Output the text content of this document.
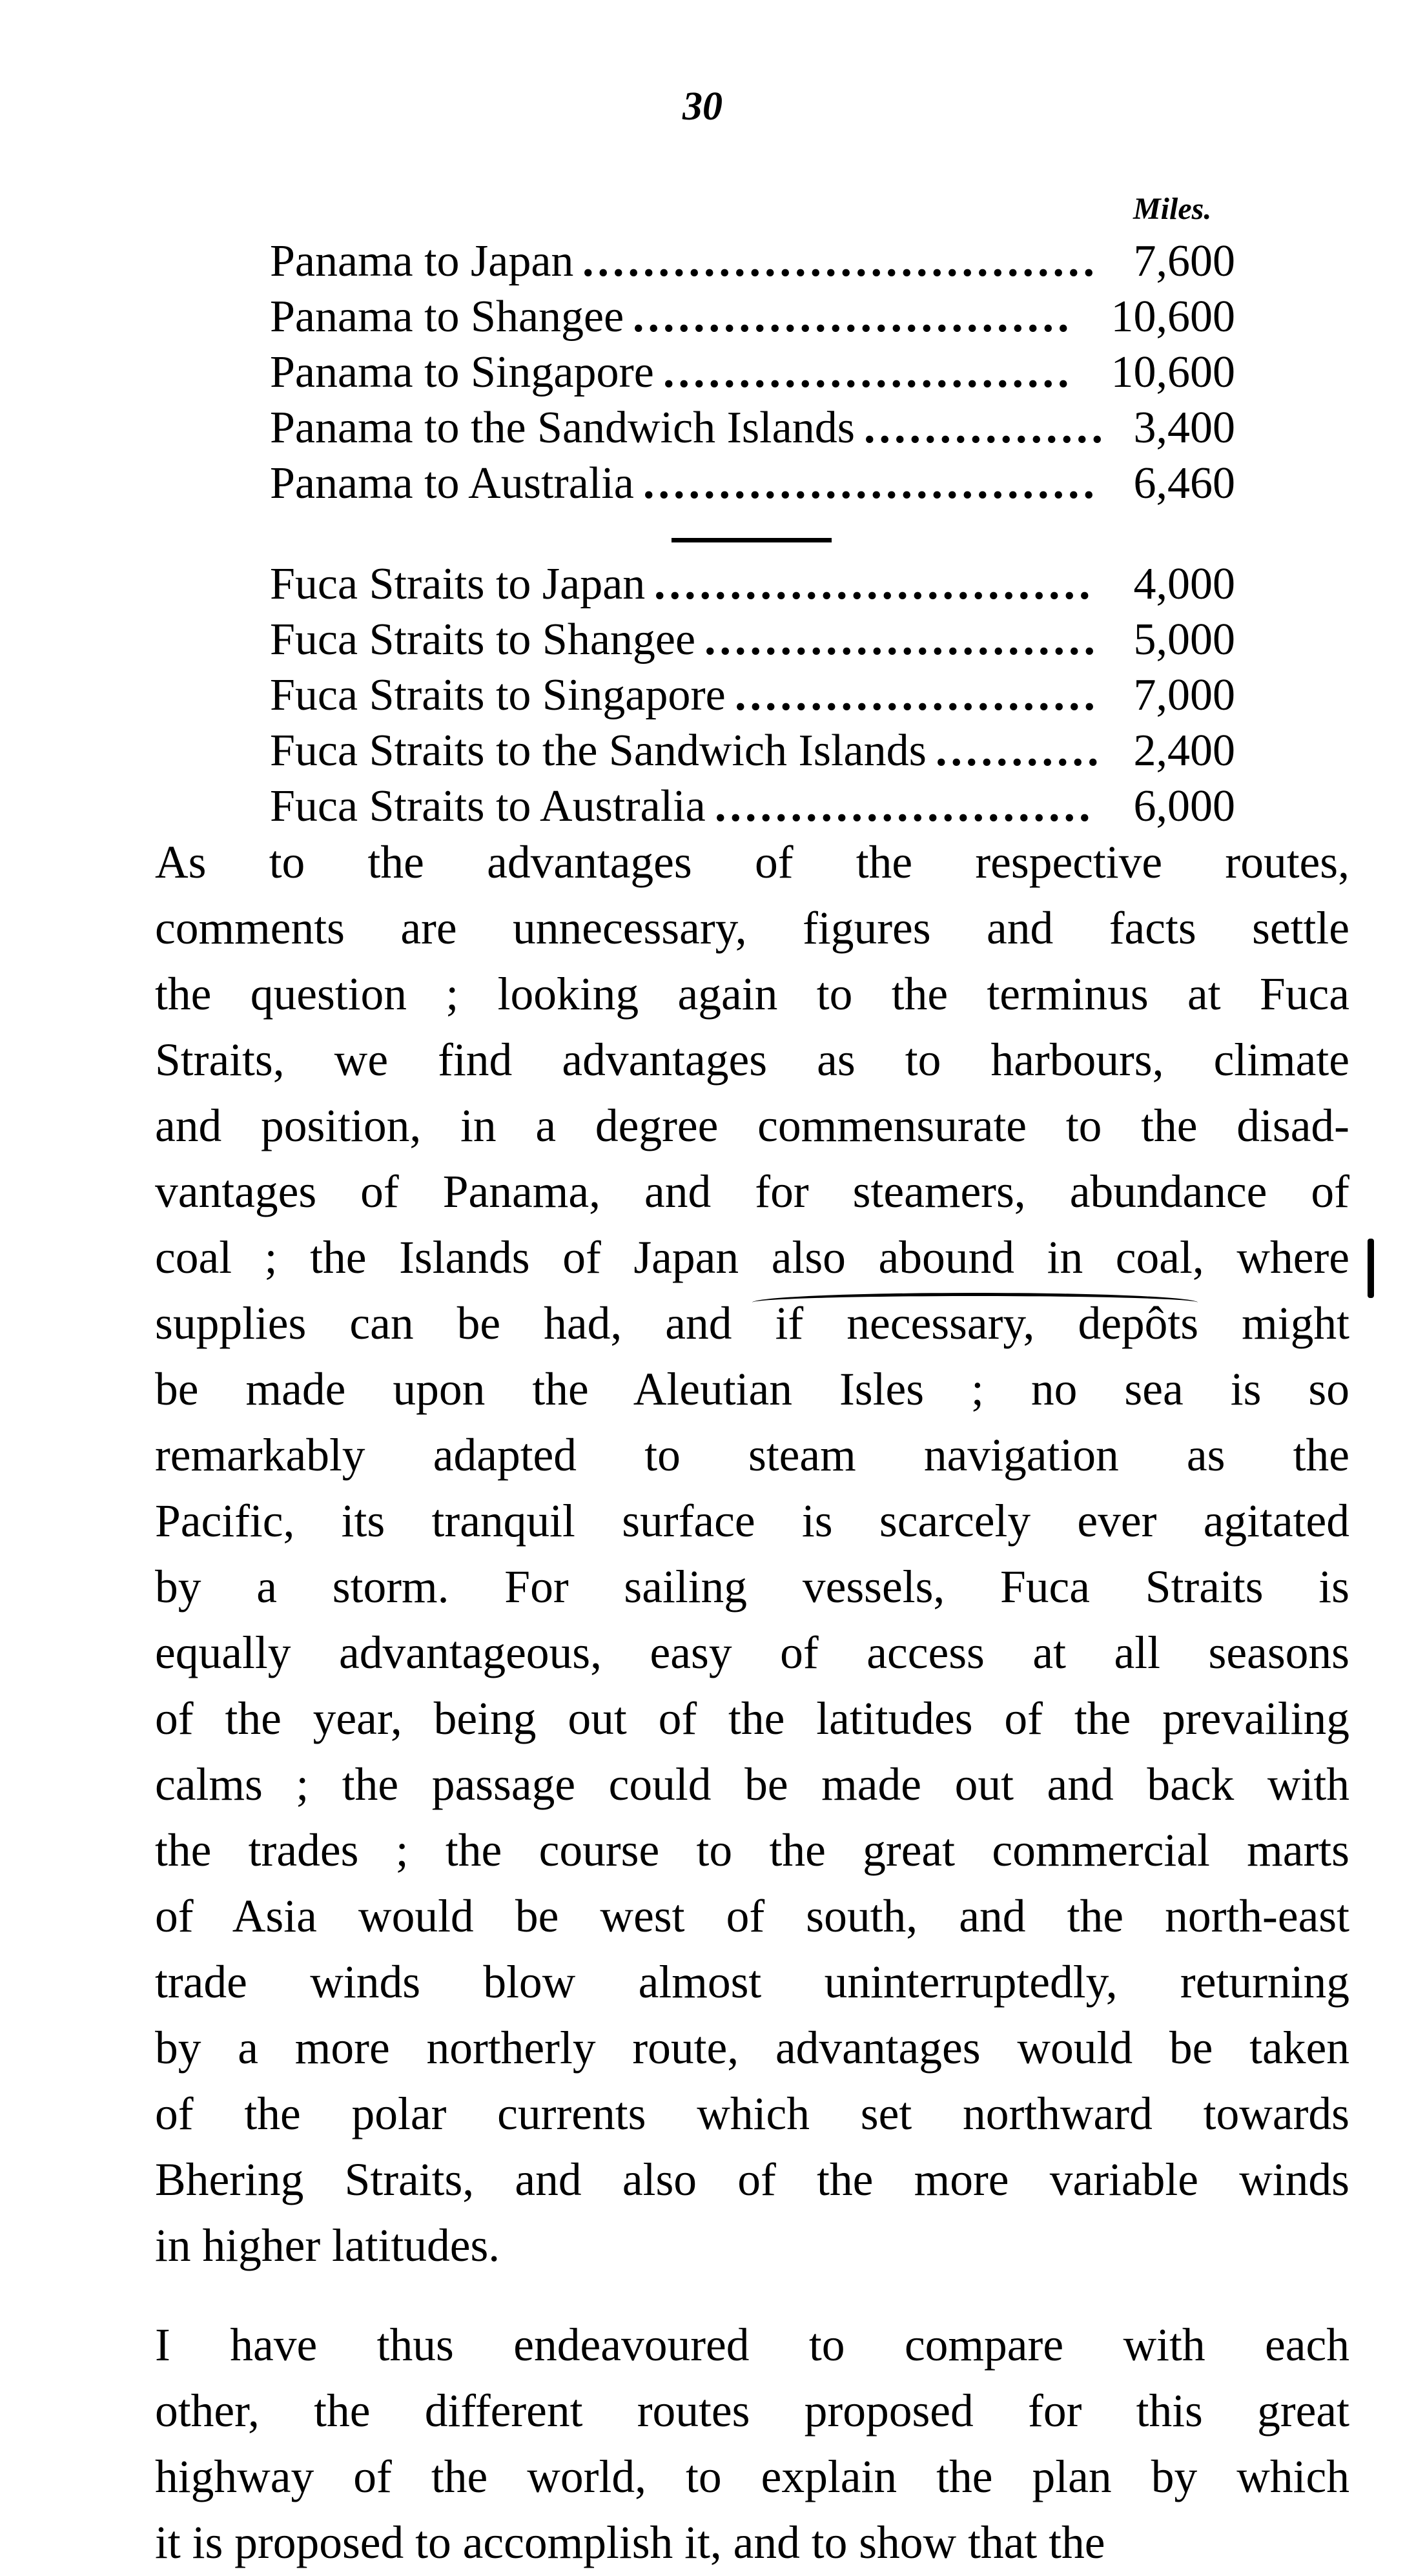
30
Miles.
Panama to Japan .................................. 7,600
Panama to Shangee ............................. 10,600
Panama to Singapore ........................... 10,600
Panama to the Sandwich Islands ................ 3,400
Panama to Australia .............................. 6,460
Fuca Straits to Japan ............................. 4,000
Fuca Straits to Shangee .......................... 5,000
Fuca Straits to Singapore ........................ 7,000
Fuca Straits to the Sandwich Islands ........... 2,400
Fuca Straits to Australia ......................... 6,000
As to the advantages of the respective routes,
comments are unnecessary, figures and facts settle
the question ; looking again to the terminus at Fuca
Straits, we find advantages as to harbours, climate
and position, in a degree commensurate to the disad-
vantages of Panama, and for steamers, abundance of
coal ; the Islands of Japan also abound in coal, where
supplies can be had, and if necessary, depôts might
be made upon the Aleutian Isles ; no sea is so
remarkably adapted to steam navigation as the
Pacific, its tranquil surface is scarcely ever agitated
by a storm. For sailing vessels, Fuca Straits is
equally advantageous, easy of access at all seasons
of the year, being out of the latitudes of the prevailing
calms ; the passage could be made out and back with
the trades ; the course to the great commercial marts
of Asia would be west of south, and the north-east
trade winds blow almost uninterruptedly, returning
by a more northerly route, advantages would be taken
of the polar currents which set northward towards
Bhering Straits, and also of the more variable winds
in higher latitudes.
I have thus endeavoured to compare with each
other, the different routes proposed for this great
highway of the world, to explain the plan by which
it is proposed to accomplish it, and to show that the
